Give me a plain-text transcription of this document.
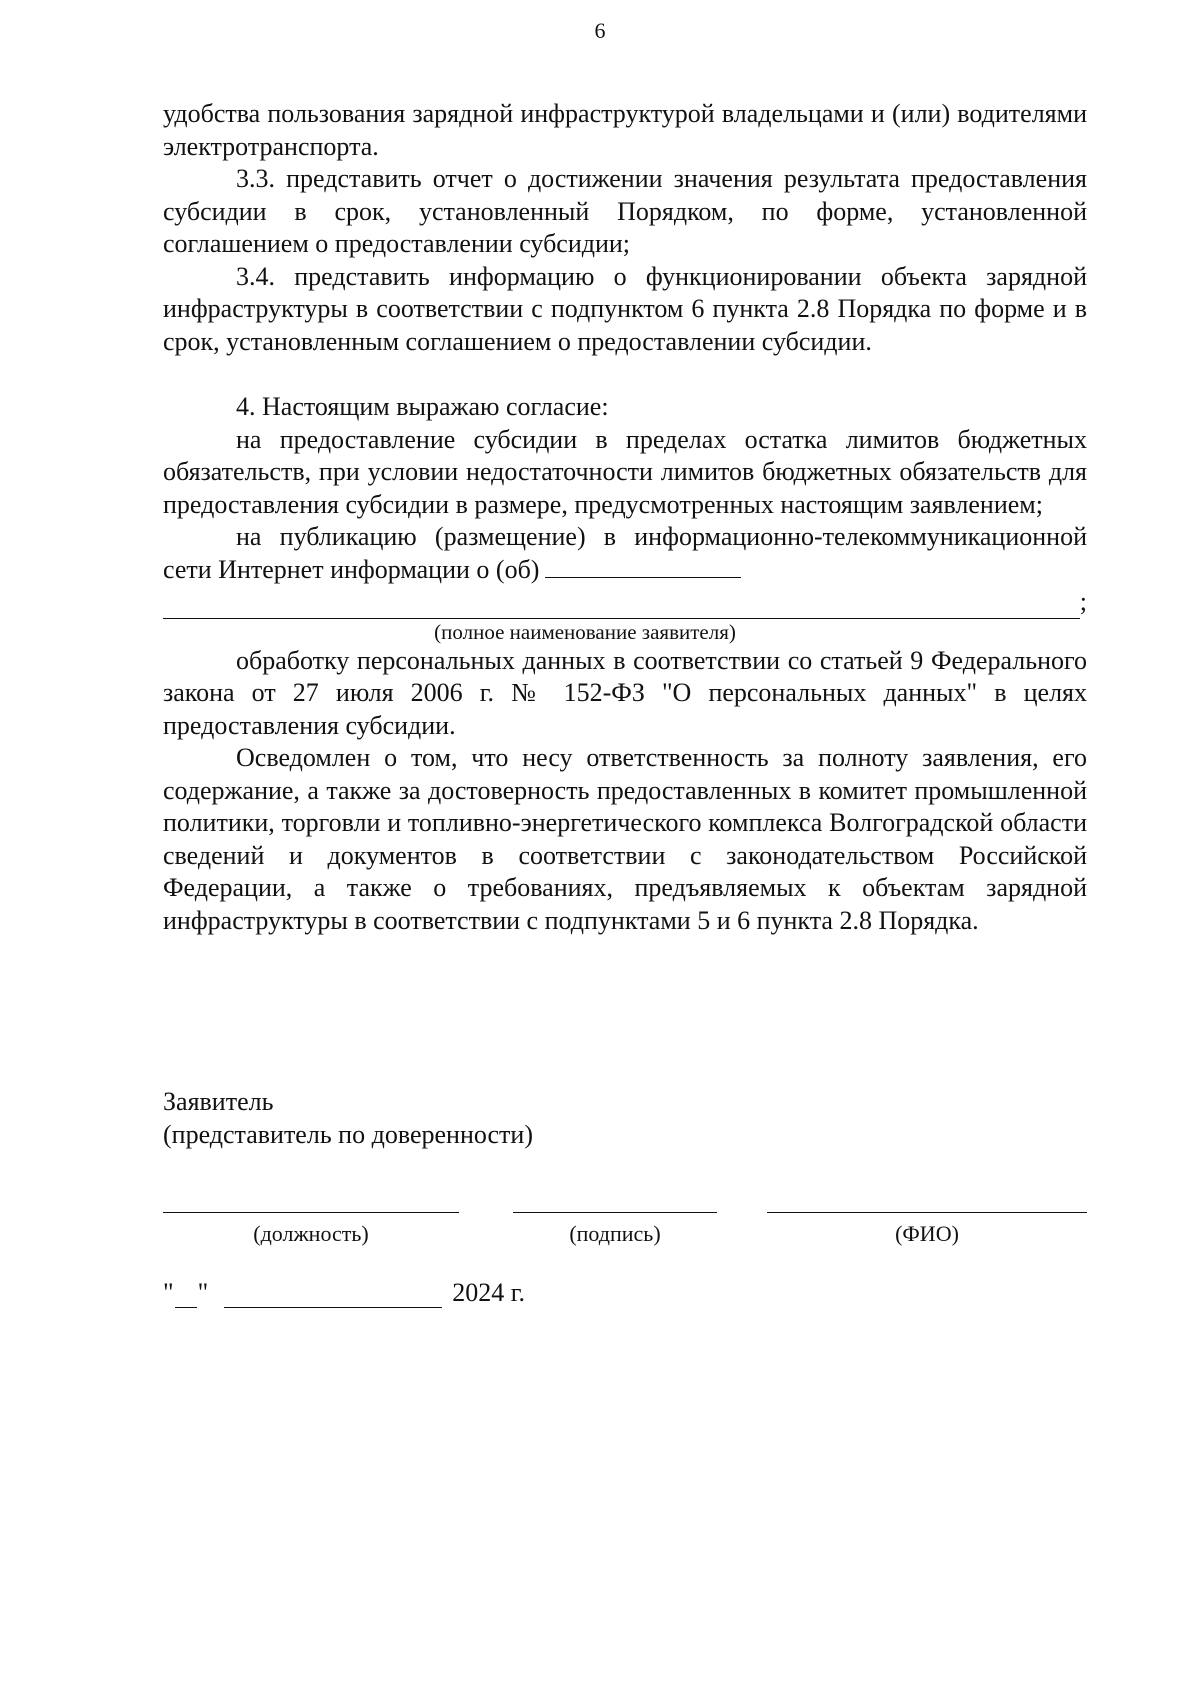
6

удобства пользования зарядной инфраструктурой владельцами и (или) водителями электротранспорта.

3.3. представить отчет о достижении значения результата предоставления субсидии в срок, установленный Порядком, по форме, установленной соглашением о предоставлении субсидии;

3.4. представить информацию о функционировании объекта зарядной инфраструктуры в соответствии с подпунктом 6 пункта 2.8 Порядка по форме и в срок, установленным соглашением о предоставлении субсидии.

4. Настоящим выражаю согласие:

на предоставление субсидии в пределах остатка лимитов бюджетных обязательств, при условии недостаточности лимитов бюджетных обязательств для предоставления субсидии в размере, предусмотренных настоящим заявлением;

на публикацию (размещение) в информационно-телекоммуникационной сети Интернет информации о (об)

;
(полное наименование заявителя)

обработку персональных данных в соответствии со статьей 9 Федерального закона от 27 июля 2006 г. № 152-ФЗ "О персональных данных" в целях предоставления субсидии.

Осведомлен о том, что несу ответственность за полноту заявления, его содержание, а также за достоверность предоставленных в комитет промышленной политики, торговли и топливно-энергетического комплекса Волгоградской области сведений и документов в соответствии с законодательством Российской Федерации, а также о требованиях, предъявляемых к объектам зарядной инфраструктуры в соответствии с подпунктами 5 и 6 пункта 2.8 Порядка.

Заявитель
(представитель по доверенности)
(должность)	(подпись)	(ФИО)
" "	2024 г.
